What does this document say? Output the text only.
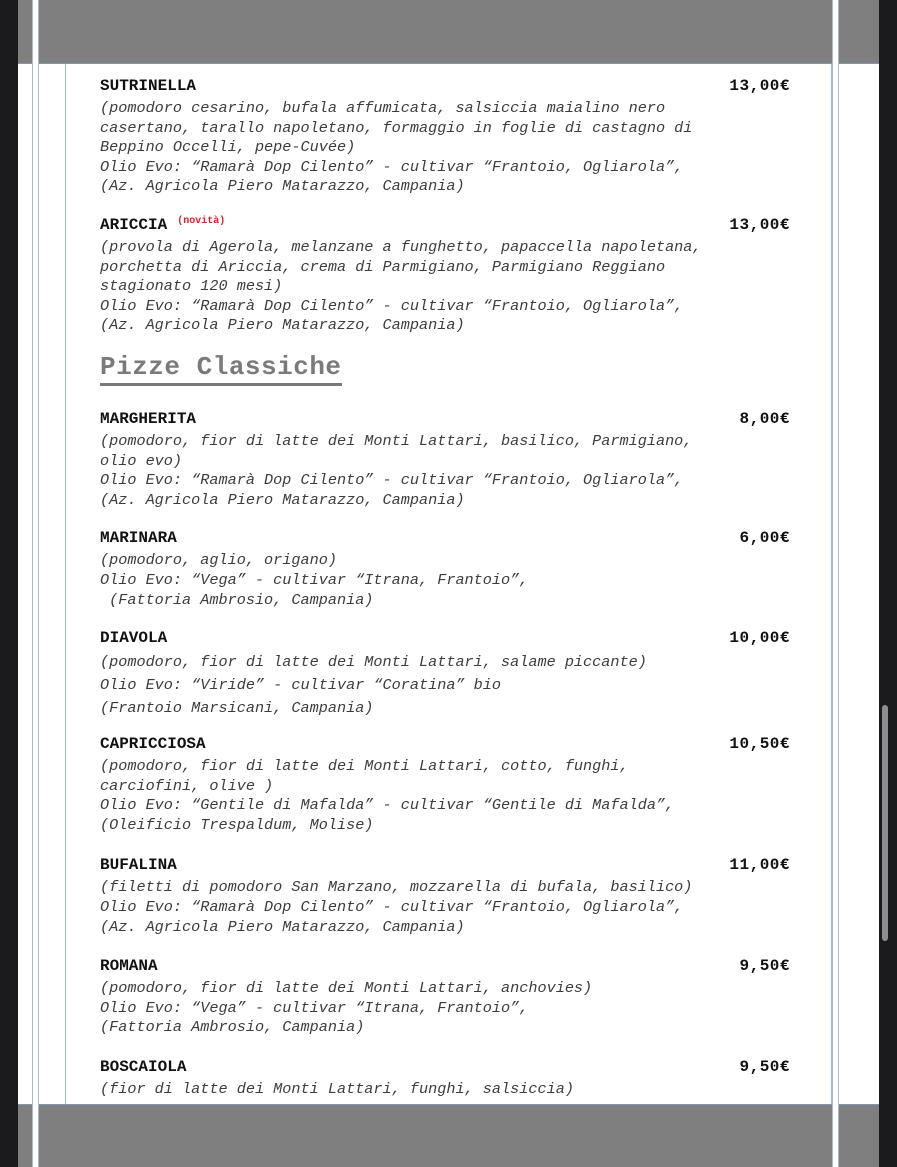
SUTRINELLA	13,00€
(pomodoro cesarino, bufala affumicata, salsiccia maialino nero
casertano, tarallo napoletano, formaggio in foglie di castagno di
Beppino Occelli, pepe-Cuvée)
Olio Evo: “Ramarà Dop Cilento” - cultivar “Frantoio, Ogliarola”,
(Az. Agricola Piero Matarazzo, Campania)
ARICCIA $^{(novità)}$	13,00€
(provola di Agerola, melanzane a funghetto, papaccella napoletana,
porchetta di Ariccia, crema di Parmigiano, Parmigiano Reggiano
stagionato 120 mesi)
Olio Evo: “Ramarà Dop Cilento” - cultivar “Frantoio, Ogliarola”,
(Az. Agricola Piero Matarazzo, Campania)
Pizze Classiche
MARGHERITA	8,00€
(pomodoro, fior di latte dei Monti Lattari, basilico, Parmigiano,
olio evo)
Olio Evo: “Ramarà Dop Cilento” - cultivar “Frantoio, Ogliarola”,
(Az. Agricola Piero Matarazzo, Campania)
MARINARA	6,00€
(pomodoro, aglio, origano)
Olio Evo: “Vega” - cultivar “Itrana, Frantoio”,
(Fattoria Ambrosio, Campania)
DIAVOLA	10,00€
(pomodoro, fior di latte dei Monti Lattari, salame piccante)
Olio Evo: “Viride” - cultivar “Coratina” bio
(Frantoio Marsicani, Campania)
CAPRICCIOSA	10,50€
(pomodoro, fior di latte dei Monti Lattari, cotto, funghi,
carciofini, olive )
Olio Evo: “Gentile di Mafalda” - cultivar “Gentile di Mafalda”,
(Oleificio Trespaldum, Molise)
BUFALINA	11,00€
(filetti di pomodoro San Marzano, mozzarella di bufala, basilico)
Olio Evo: “Ramarà Dop Cilento” - cultivar “Frantoio, Ogliarola”,
(Az. Agricola Piero Matarazzo, Campania)
ROMANA	9,50€
(pomodoro, fior di latte dei Monti Lattari, anchovies)
Olio Evo: “Vega” - cultivar “Itrana, Frantoio”,
(Fattoria Ambrosio, Campania)
BOSCAIOLA	9,50€
(fior di latte dei Monti Lattari, funghi, salsiccia)
